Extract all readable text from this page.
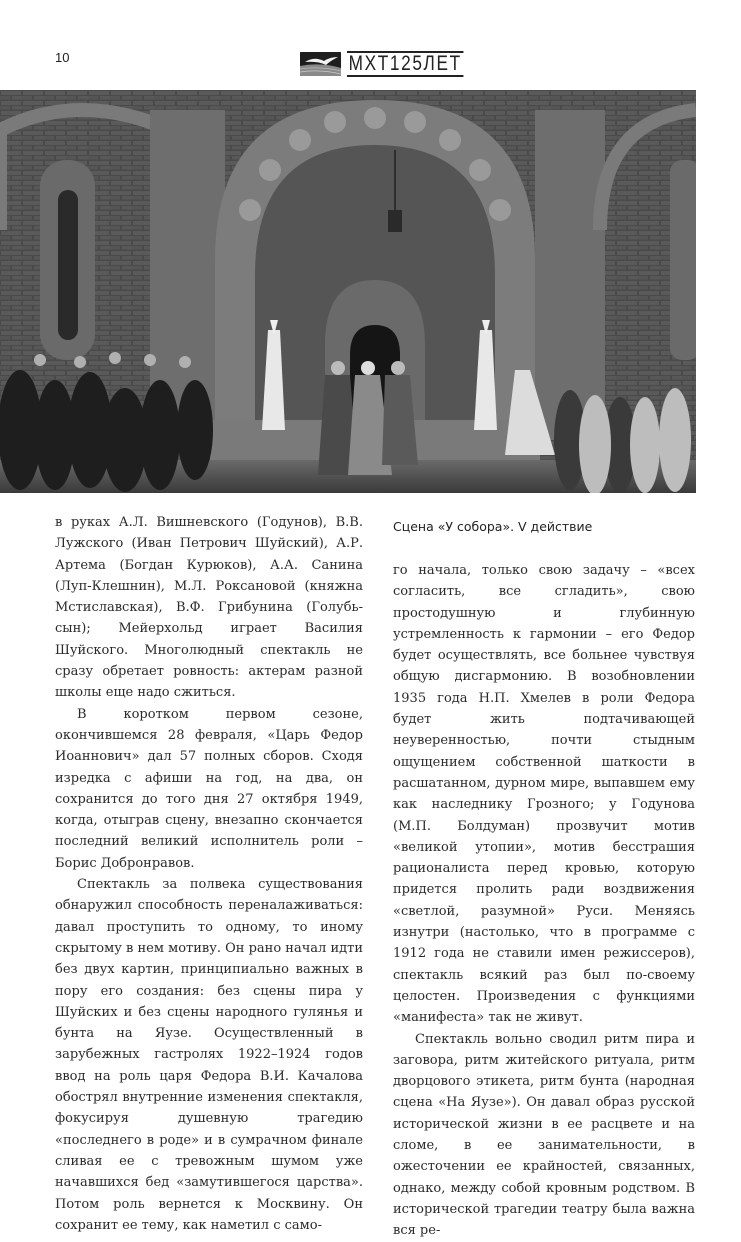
10	МХТ125ЛЕТ
Сцена «У собора». V действие

в руках А.Л. Вишневского (Годунов), В.В. Лужского (Иван Петрович Шуйский), А.Р. Артема (Богдан Курюков), А.А. Санина (Луп-Клешнин), М.Л. Роксановой (княжна Мстиславская), В.Ф. Грибунина (Голубь-сын); Мейерхольд играет Василия Шуйского. Многолюдный спектакль не сразу обретает ровность: актерам разной школы еще надо сжиться.

В коротком первом сезоне, окончившемся 28 февраля, «Царь Федор Иоаннович» дал 57 полных сборов. Сходя изредка с афиши на год, на два, он сохранится до того дня 27 октября 1949, когда, отыграв сцену, внезапно скончается последний великий исполнитель роли – Борис Добронравов.

Спектакль за полвека существования обнаружил способность переналаживаться: давал проступить то одному, то иному скрытому в нем мотиву. Он рано начал идти без двух картин, принципиально важных в пору его создания: без сцены пира у Шуйских и без сцены народного гулянья и бунта на Яузе. Осуществленный в зарубежных гастролях 1922–1924 годов ввод на роль царя Федора В.И. Качалова обострял внутренние изменения спектакля, фокусируя душевную трагедию «последнего в роде» и в сумрачном финале сливая ее с тревожным шумом уже начавшихся бед «замутившегося царства». Потом роль вернется к Москвину. Он сохранит ее тему, как наметил с само-

го начала, только свою задачу – «всех согласить, все сгладить», свою простодушную и глубинную устремленность к гармонии – его Федор будет осуществлять, все больнее чувствуя общую дисгармонию. В возобновлении 1935 года Н.П. Хмелев в роли Федора будет жить подтачивающей неуверенностью, почти стыдным ощущением собственной шаткости в расшатанном, дурном мире, выпавшем ему как наследнику Грозного; у Годунова (М.П. Болдуман) прозвучит мотив «великой утопии», мотив бесстрашия рационалиста перед кровью, которую придется пролить ради воздвижения «светлой, разумной» Руси. Меняясь изнутри (настолько, что в программе с 1912 года не ставили имен режиссеров), спектакль всякий раз был по-своему целостен. Произведения с функциями «манифеста» так не живут.

Спектакль вольно сводил ритм пира и заговора, ритм житейского ритуала, ритм дворцового этикета, ритм бунта (народная сцена «На Яузе»). Он давал образ русской исторической жизни в ее расцвете и на сломе, в ее занимательности, в ожесточении ее крайностей, связанных, однако, между собой кровным родством. В исторической трагедии театру была важна вся ре-
